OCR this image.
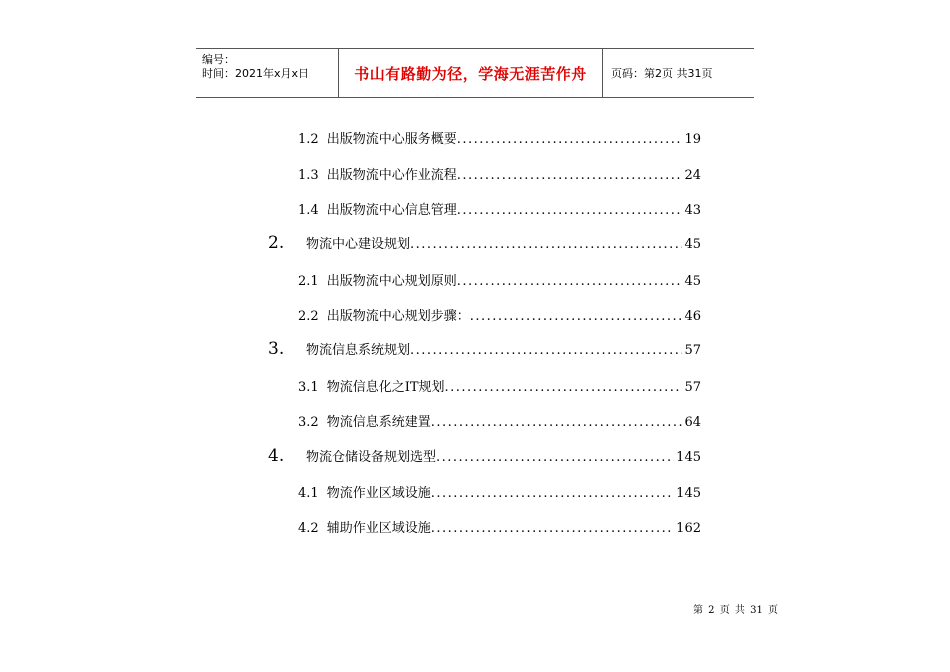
编号：
时间：2021年x月x日	书山有路勤为径，学海无涯苦作舟	页码：第2页 共31页
1.2 出版物流中心服务概要 .....	19
1.3 出版物流中心作业流程 .....	24
1.4 出版物流中心信息管理 .....	43
2.	物流中心建设规划 .....	45
2.1 出版物流中心规划原则 .....	45
2.2 出版物流中心规划步骤： .....	46
3.	物流信息系统规划 .....	57
3.1 物流信息化之IT规划 .....	57
3.2 物流信息系统建置 .....	64
4.	物流仓储设备规划选型 .....	145
4.1 物流作业区域设施 .....	145
4.2 辅助作业区域设施 .....	162
第 2 页 共 31 页
